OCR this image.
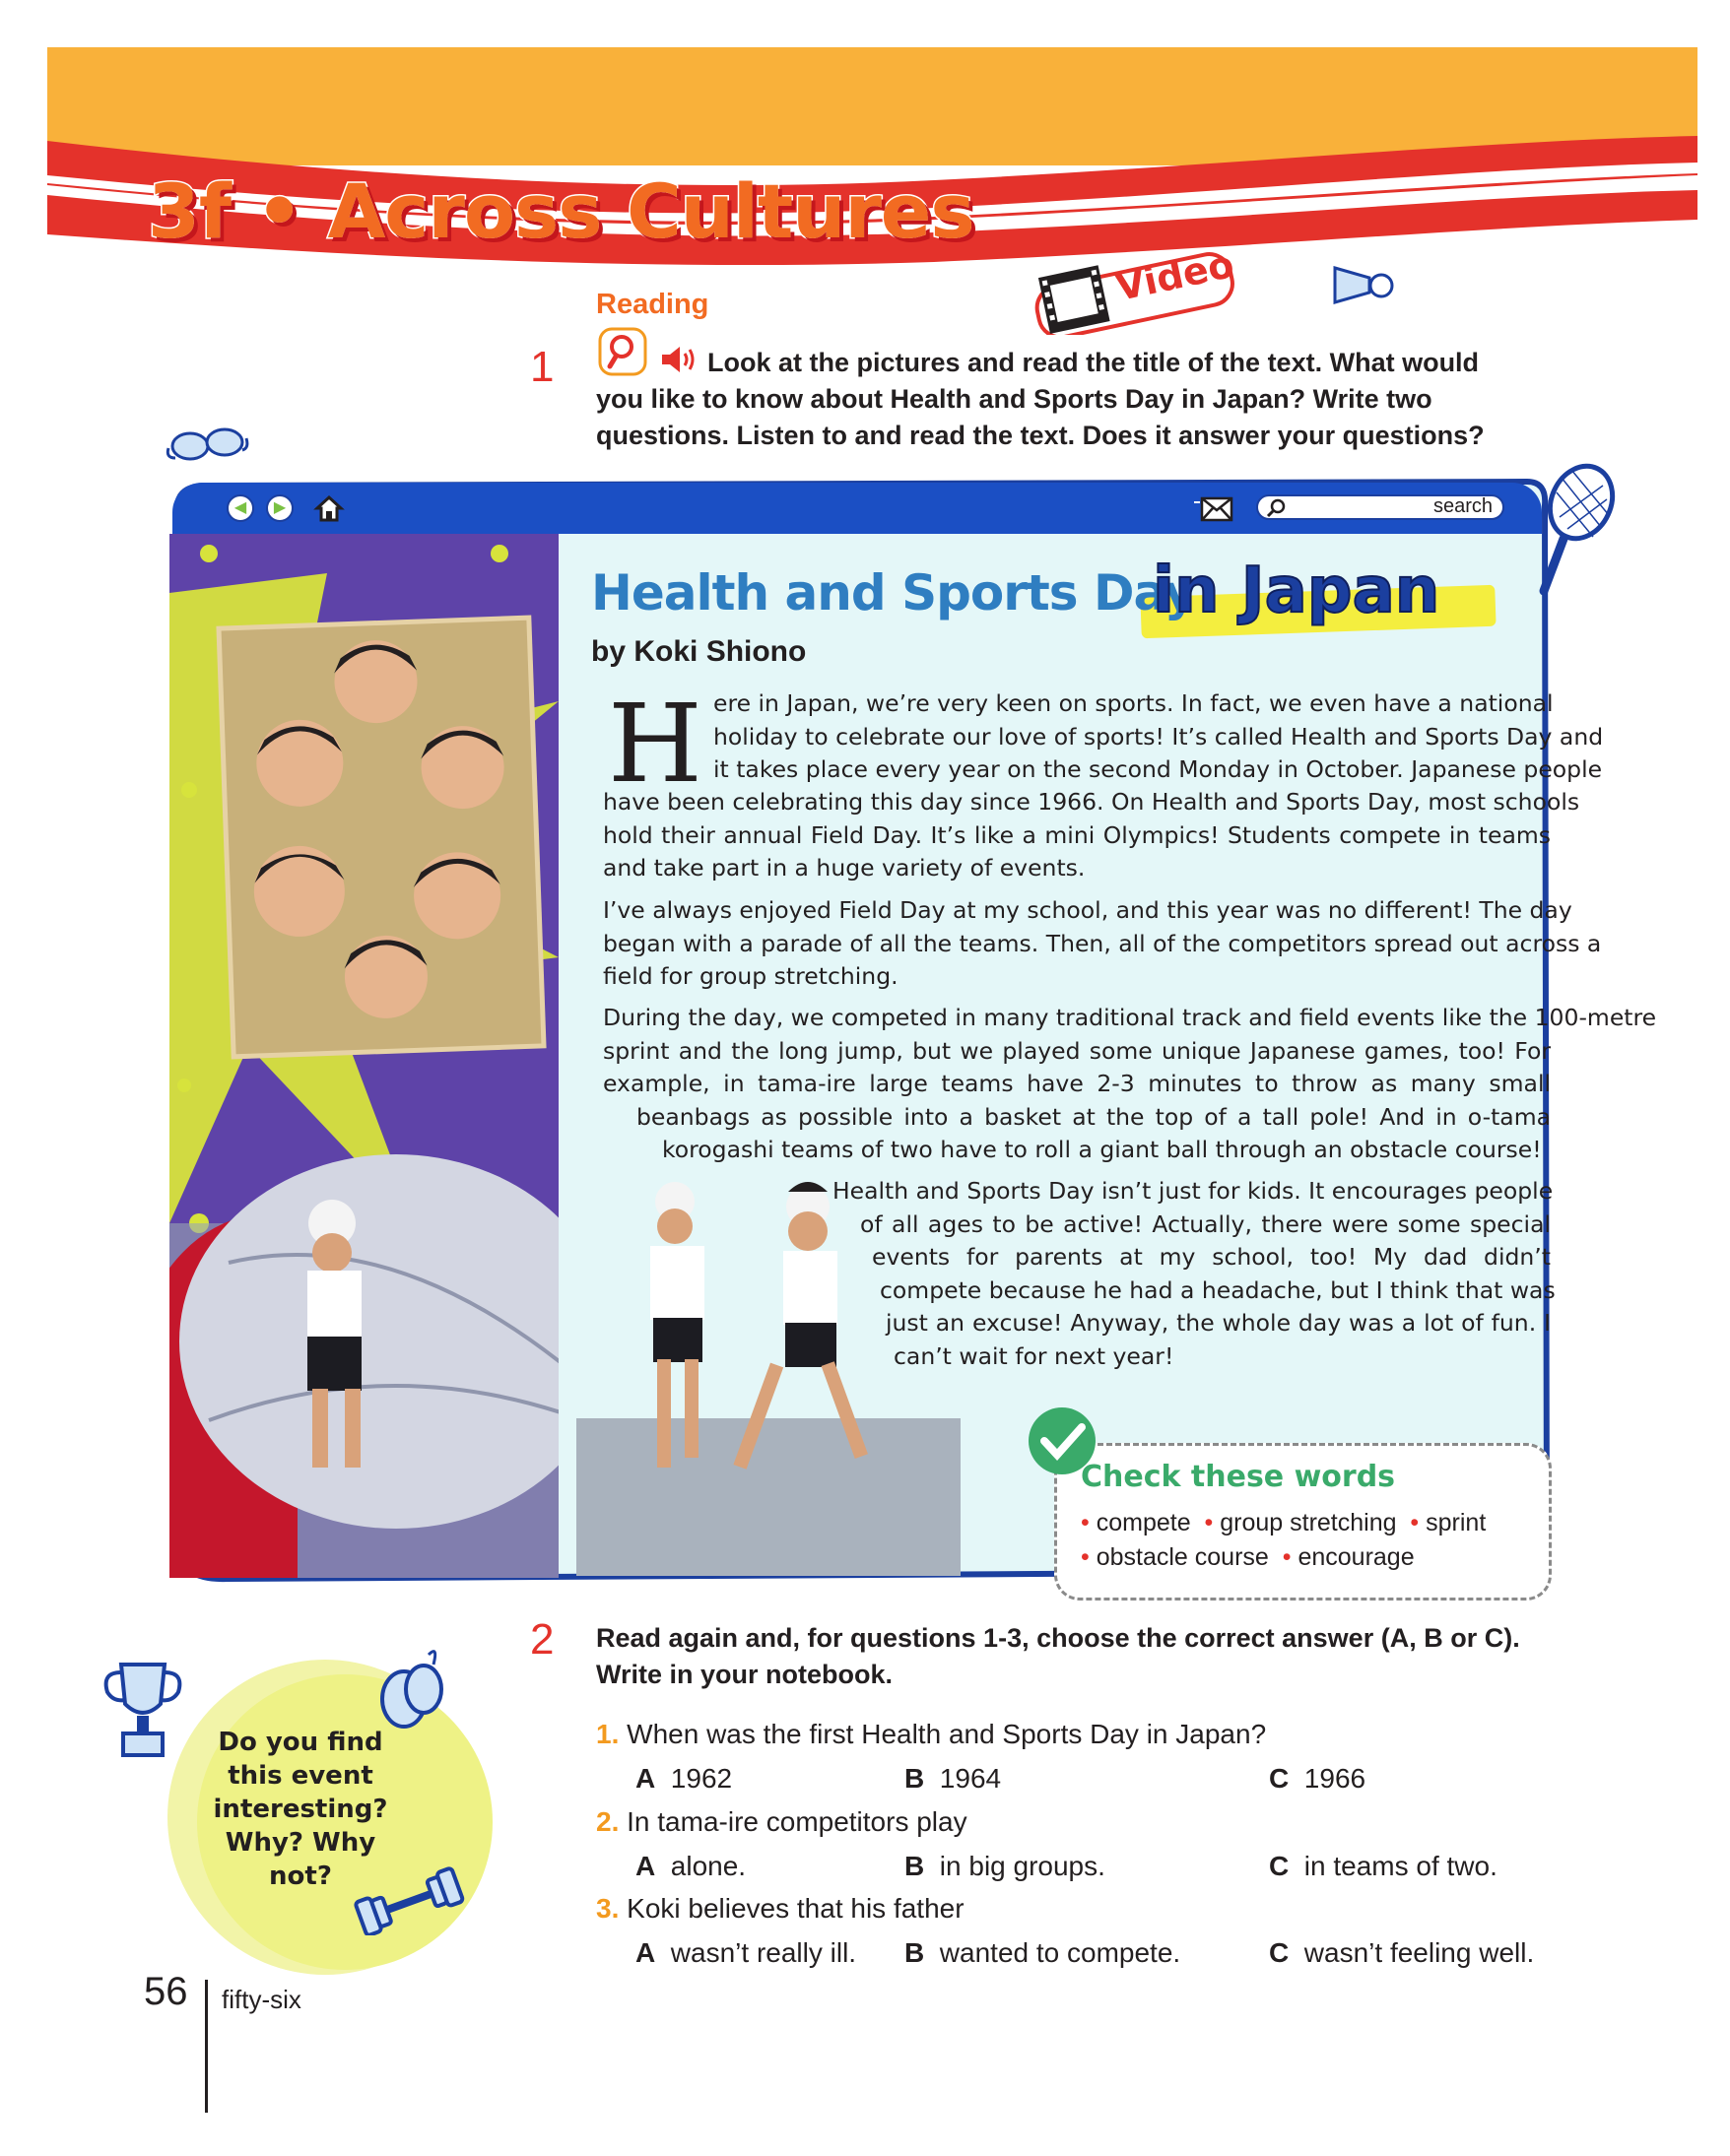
3f • Across Cultures
Video
Reading
1	Look at the pictures and read the title of the text. What would
you like to know about Health and Sports Day in Japan? Write two
questions. Listen to and read the text. Does it answer your questions?
◀	▶	search
Health and Sports Day
in Japan
by Koki Shiono
H ere in Japan, we’re very keen on sports. In fact, we even have a national
holiday to celebrate our love of sports! It’s called Health and Sports Day and
it takes place every year on the second Monday in October. Japanese people
have been celebrating this day since 1966. On Health and Sports Day, most schools
hold their annual Field Day. It’s like a mini Olympics! Students compete in teams
and take part in a huge variety of events.
I’ve always enjoyed Field Day at my school, and this year was no different! The day
began with a parade of all the teams. Then, all of the competitors spread out across a
field for group stretching.
During the day, we competed in many traditional track and field events like the 100-metre
sprint and the long jump, but we played some unique Japanese games, too! For
example, in tama-ire large teams have 2-3 minutes to throw as many small
beanbags as possible into a basket at the top of a tall pole! And in o-tama
korogashi teams of two have to roll a giant ball through an obstacle course!
Health and Sports Day isn’t just for kids. It encourages people
of all ages to be active! Actually, there were some special
events for parents at my school, too! My dad didn’t
compete because he had a headache, but I think that was
just an excuse! Anyway, the whole day was a lot of fun. I
can’t wait for next year!
Check these words
• compete • group stretching • sprint
• obstacle course • encourage
2 Read again and, for questions 1-3, choose the correct answer (A, B or C).
Write in your notebook.
1. When was the first Health and Sports Day in Japan?
A 1962	B 1964	C 1966
2. In tama-ire competitors play
A alone.	B in big groups.	C in teams of two.
3. Koki believes that his father
A wasn’t really ill. B wanted to compete.	C wasn’t feeling well.
Do you find
this event
interesting?
Why? Why
not?
56 fifty-six
